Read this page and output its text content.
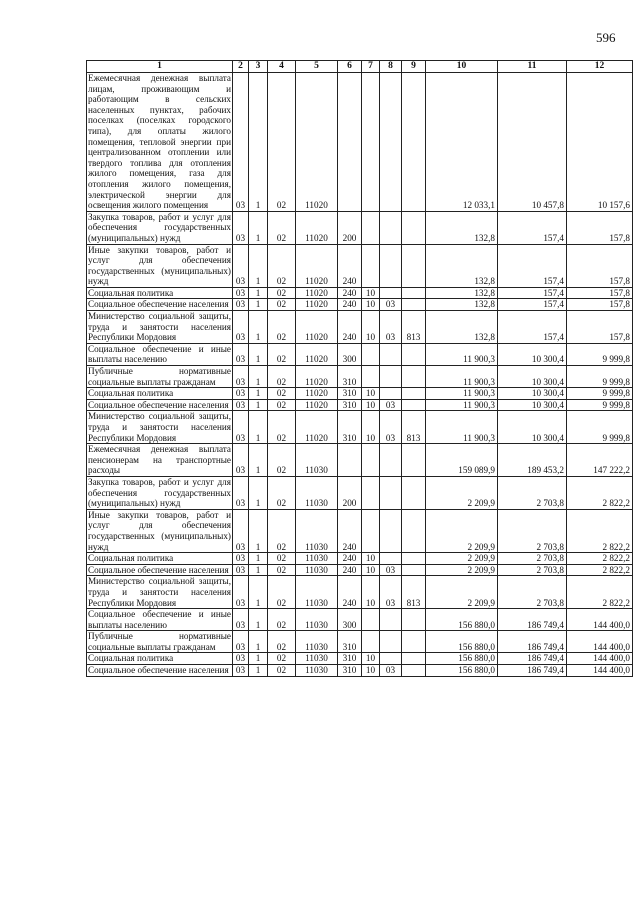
596
1	2	3	4	5	6	7	8	9	10	11	12
Ежемесячная денежная выплата лицам, проживающим и работающим в сельских населенных пунктах, рабочих поселках (поселках городского типа), для оплаты жилого помещения, тепловой энергии при централизованном отоплении или твердого топлива для отопления жилого помещения, газа для отопления жилого помещения, электрической энергии для освещения жилого помещения	03	1	02	11020					12 033,1	10 457,8	10 157,6
Закупка товаров, работ и услуг для обеспечения государственных (муниципальных) нужд	03	1	02	11020	200				132,8	157,4	157,8
Иные закупки товаров, работ и услуг для обеспечения государственных (муниципальных) нужд	03	1	02	11020	240				132,8	157,4	157,8
Социальная политика	03	1	02	11020	240	10			132,8	157,4	157,8
Социальное обеспечение населения	03	1	02	11020	240	10	03		132,8	157,4	157,8
Министерство социальной защиты, труда и занятости населения Республики Мордовия	03	1	02	11020	240	10	03	813	132,8	157,4	157,8
Социальное обеспечение и иные выплаты населению	03	1	02	11020	300				11 900,3	10 300,4	9 999,8
Публичные нормативные социальные выплаты гражданам	03	1	02	11020	310				11 900,3	10 300,4	9 999,8
Социальная политика	03	1	02	11020	310	10			11 900,3	10 300,4	9 999,8
Социальное обеспечение населения	03	1	02	11020	310	10	03		11 900,3	10 300,4	9 999,8
Министерство социальной защиты, труда и занятости населения Республики Мордовия	03	1	02	11020	310	10	03	813	11 900,3	10 300,4	9 999,8
Ежемесячная денежная выплата пенсионерам на транспортные расходы	03	1	02	11030					159 089,9	189 453,2	147 222,2
Закупка товаров, работ и услуг для обеспечения государственных (муниципальных) нужд	03	1	02	11030	200				2 209,9	2 703,8	2 822,2
Иные закупки товаров, работ и услуг для обеспечения государственных (муниципальных) нужд	03	1	02	11030	240				2 209,9	2 703,8	2 822,2
Социальная политика	03	1	02	11030	240	10			2 209,9	2 703,8	2 822,2
Социальное обеспечение населения	03	1	02	11030	240	10	03		2 209,9	2 703,8	2 822,2
Министерство социальной защиты, труда и занятости населения Республики Мордовия	03	1	02	11030	240	10	03	813	2 209,9	2 703,8	2 822,2
Социальное обеспечение и иные выплаты населению	03	1	02	11030	300				156 880,0	186 749,4	144 400,0
Публичные нормативные социальные выплаты гражданам	03	1	02	11030	310				156 880,0	186 749,4	144 400,0
Социальная политика	03	1	02	11030	310	10			156 880,0	186 749,4	144 400,0
Социальное обеспечение населения	03	1	02	11030	310	10	03		156 880,0	186 749,4	144 400,0
